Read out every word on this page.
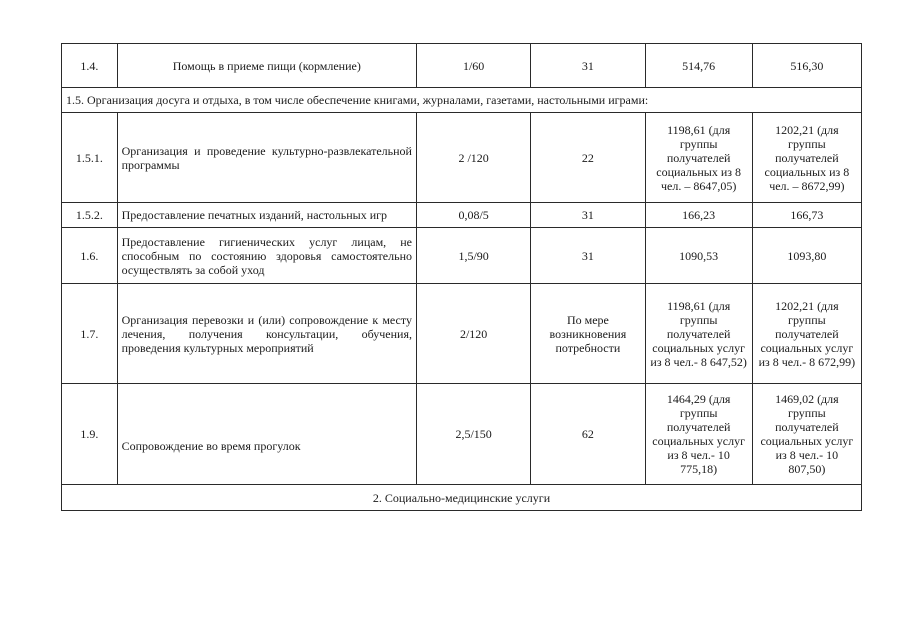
1.4.	Помощь в приеме пищи (кормление)	1/60	31	514,76	516,30
1.5. Организация досуга и отдыха, в том числе обеспечение книгами, журналами, газетами, настольными играми:					
1.5.1.	Организация и проведение культурно-развлекательной программы	2 /120	22	1198,61 (для группы получателей социальных из 8 чел. – 8647,05)	1202,21 (для группы получателей социальных из 8 чел. – 8672,99)
1.5.2.	Предоставление печатных изданий, настольных игр	0,08/5	31	166,23	166,73
1.6.	Предоставление гигиенических услуг лицам, не способным по состоянию здоровья самостоятельно осуществлять за собой уход	1,5/90	31	1090,53	1093,80
1.7.	Организация перевозки и (или) сопровождение к месту лечения, получения консультации, обучения, проведения культурных мероприятий	2/120	По мере возникновения потребности	1198,61 (для группы получателей социальных услуг из 8 чел.- 8 647,52)	1202,21 (для группы получателей социальных услуг из 8 чел.- 8 672,99)
1.9.	Сопровождение во время прогулок	2,5/150	62	1464,29 (для группы получателей социальных услуг из 8 чел.- 10 775,18)	1469,02 (для группы получателей социальных услуг из 8 чел.- 10 807,50)
2. Социально-медицинские услуги					
